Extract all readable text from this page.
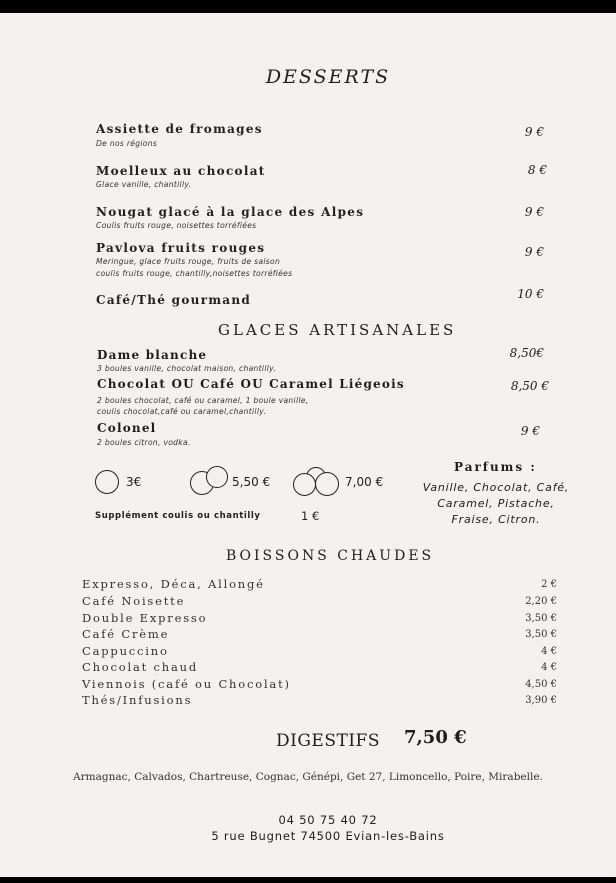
DESSERTS
Assiette de fromages
De nos régions
9 €
Moelleux au chocolat
Glace vanille, chantilly.
8 €
Nougat glacé à la glace des Alpes
Coulis fruits rouge, noisettes torréfiées
9 €
Pavlova fruits rouges
Meringue, glace fruits rouge, fruits de saison
coulis fruits rouge, chantilly,noisettes torréfiées
9 €
Café/Thé gourmand	10 €
GLACES ARTISANALES
Dame blanche
3 boules vanille, chocolat maison, chantilly.
8,50€
Chocolat OU Café OU Caramel Liégeois
2 boules chocolat, café ou caramel, 1 boule vanille,
coulis chocolat,café ou caramel,chantilly.
8,50 €
Colonel
2 boules citron, vodka.
9 €
3€	5,50 €	7,00 €
Supplément coulis ou chantilly	1 €
Parfums :
Vanille, Chocolat, Café,
Caramel, Pistache,
Fraise, Citron.
BOISSONS CHAUDES
Expresso, Déca, Allongé	2 €
Café Noisette	2,20 €
Double Expresso	3,50 €
Café Crème	3,50 €
Cappuccino	4 €
Chocolat chaud	4 €
Viennois (café ou Chocolat)	4,50 €
Thés/Infusions	3,90 €
DIGESTIFS 7,50 €
Armagnac, Calvados, Chartreuse, Cognac, Génépi, Get 27, Limoncello, Poire, Mirabelle.
04 50 75 40 72
5 rue Bugnet 74500 Evian-les-Bains
